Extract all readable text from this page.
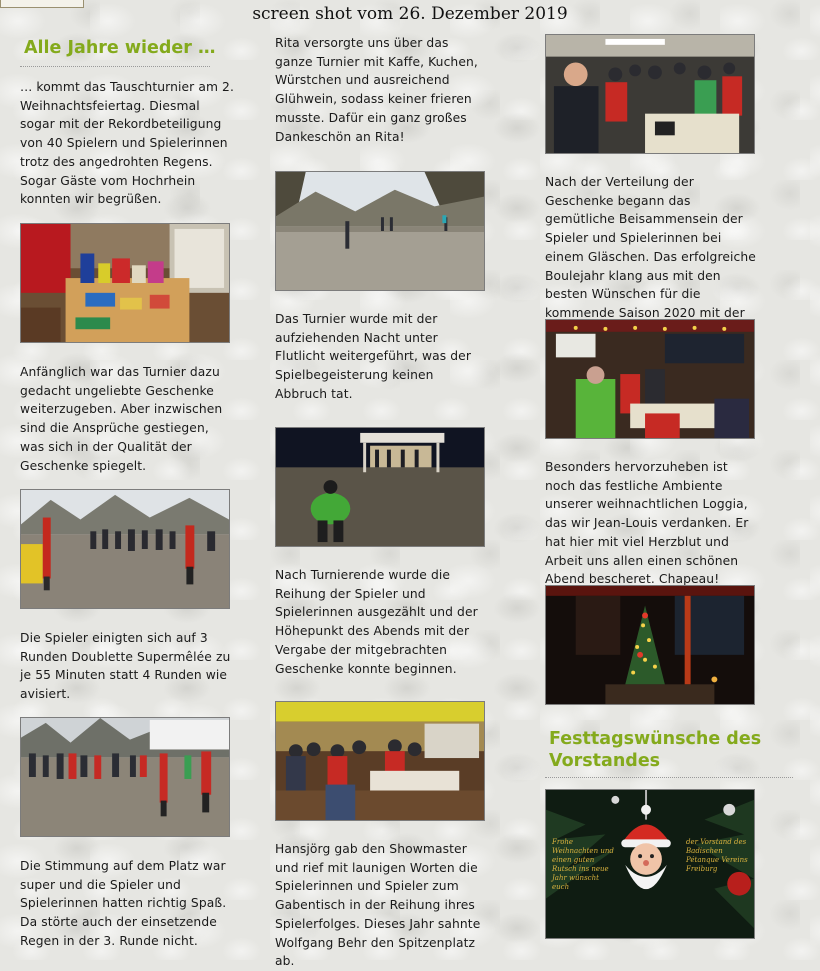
screen shot vom 26. Dezember 2019
Alle Jahre wieder …

… kommt das Tauschturnier am 2. Weihnachtsfeiertag. Diesmal sogar mit der Rekordbeteiligung von 40 Spielern und Spielerinnen trotz des angedrohten Regens. Sogar Gäste vom Hochrhein konnten wir begrüßen.

Anfänglich war das Turnier dazu gedacht ungeliebte Geschenke weiterzugeben. Aber inzwischen sind die Ansprüche gestiegen, was sich in der Qualität der Geschenke spiegelt.

Die Spieler einigten sich auf 3 Runden Doublette Supermêlée zu je 55 Minuten statt 4 Runden wie avisiert.

Die Stimmung auf dem Platz war super und die Spieler und Spielerinnen hatten richtig Spaß. Da störte auch der einsetzende Regen in der 3. Runde nicht.

Rita versorgte uns über das ganze Turnier mit Kaffe, Kuchen, Würstchen und ausreichend Glühwein, sodass keiner frieren musste. Dafür ein ganz großes Dankeschön an Rita!

Das Turnier wurde mit der aufziehenden Nacht unter Flutlicht weitergeführt, was der Spielbegeisterung keinen Abbruch tat.

Nach Turnierende wurde die Reihung der Spieler und Spielerinnen ausgezählt und der Höhepunkt des Abends mit der Vergabe der mitgebrachten Geschenke konnte beginnen.

Hansjörg gab den Showmaster und rief mit launigen Worten die Spielerinnen und Spieler zum Gabentisch in der Reihung ihres Spielerfolges. Dieses Jahr sahnte Wolfgang Behr den Spitzenplatz ab.

Nach der Verteilung der Geschenke begann das gemütliche Beisammensein der Spieler und Spielerinnen bei einem Gläschen. Das erfolgreiche Boulejahr klang aus mit den besten Wünschen für die kommende Saison 2020 mit der

Besonders hervorzuheben ist noch das festliche Ambiente unserer weihnachtlichen Loggia, das wir Jean-Louis verdanken. Er hat hier mit viel Herzblut und Arbeit uns allen einen schönen Abend bescheret. Chapeau!

Festtagswünsche des Vorstandes
Frohe Weihnachten und einen guten Rutsch ins neue Jahr wünscht euch
der Vorstand des Badischen Pétanque Vereins Freiburg
